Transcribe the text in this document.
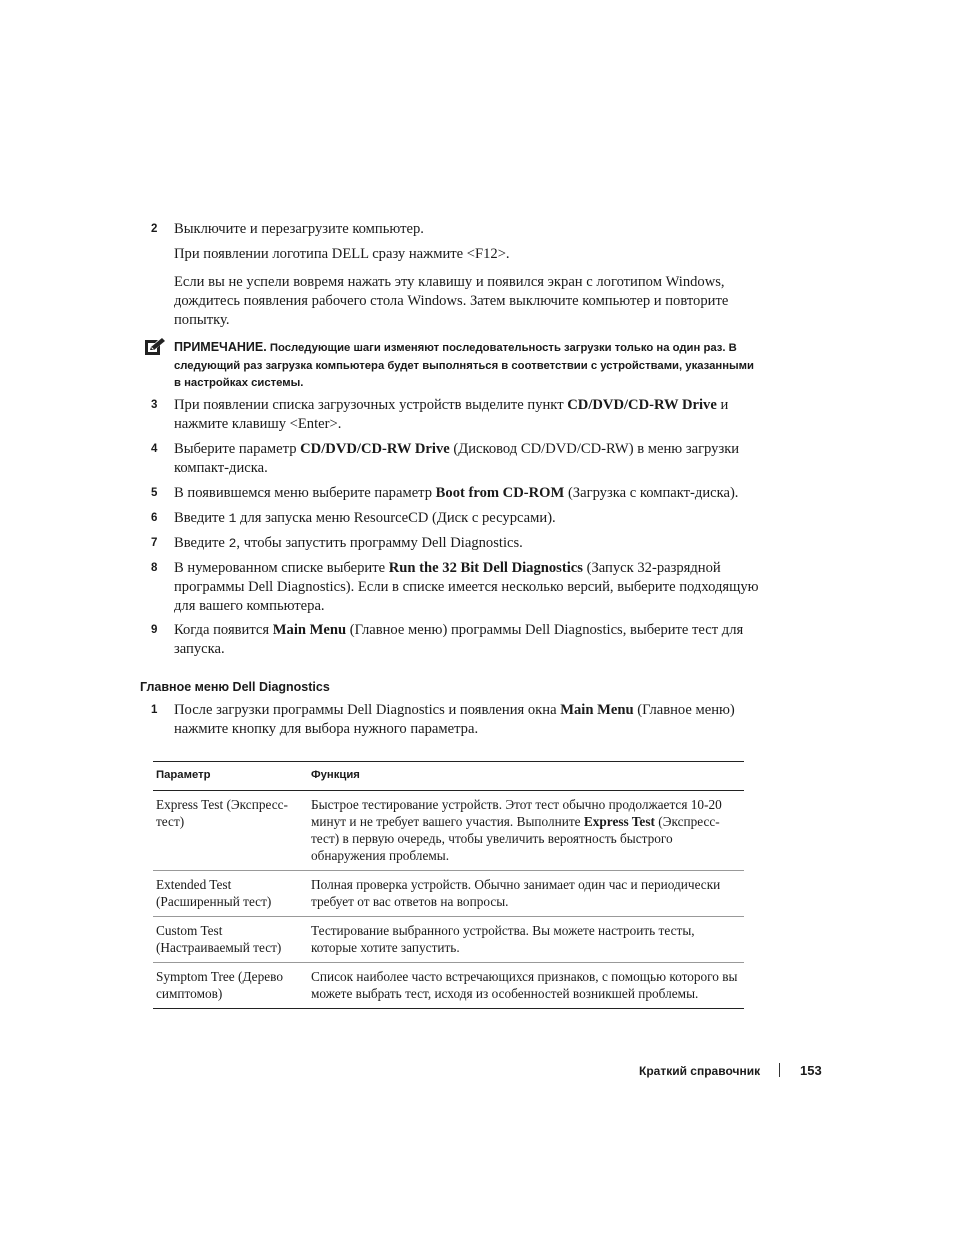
2 Выключите и перезагрузите компьютер.
При появлении логотипа DELL сразу нажмите <F12>.
Если вы не успели вовремя нажать эту клавишу и появился экран с логотипом Windows, дождитесь появления рабочего стола Windows. Затем выключите компьютер и повторите попытку.
ПРИМЕЧАНИЕ. Последующие шаги изменяют последовательность загрузки только на один раз. В следующий раз загрузка компьютера будет выполняться в соответствии с устройствами, указанными в настройках системы.
3 При появлении списка загрузочных устройств выделите пункт CD/DVD/CD-RW Drive и нажмите клавишу <Enter>.
4 Выберите параметр CD/DVD/CD-RW Drive (Дисковод CD/DVD/CD-RW) в меню загрузки компакт-диска.
5 В появившемся меню выберите параметр Boot from CD-ROM (Загрузка с компакт-диска).
6 Введите 1 для запуска меню ResourceCD (Диск с ресурсами).
7 Введите 2, чтобы запустить программу Dell Diagnostics.
8 В нумерованном списке выберите Run the 32 Bit Dell Diagnostics (Запуск 32-разрядной программы Dell Diagnostics). Если в списке имеется несколько версий, выберите подходящую для вашего компьютера.
9 Когда появится Main Menu (Главное меню) программы Dell Diagnostics, выберите тест для запуска.
Главное меню Dell Diagnostics
1 После загрузки программы Dell Diagnostics и появления окна Main Menu (Главное меню) нажмите кнопку для выбора нужного параметра.
Параметр	Функция
Express Test (Экспресс-тест)	Быстрое тестирование устройств. Этот тест обычно продолжается 10-20 минут и не требует вашего участия. Выполните Express Test (Экспресс-тест) в первую очередь, чтобы увеличить вероятность быстрого обнаружения проблемы.
Extended Test (Расширенный тест)	Полная проверка устройств. Обычно занимает один час и периодически требует от вас ответов на вопросы.
Custom Test (Настраиваемый тест)	Тестирование выбранного устройства. Вы можете настроить тесты, которые хотите запустить.
Symptom Tree (Дерево симптомов)	Список наиболее часто встречающихся признаков, с помощью которого вы можете выбрать тест, исходя из особенностей возникшей проблемы.
Краткий справочник	153
